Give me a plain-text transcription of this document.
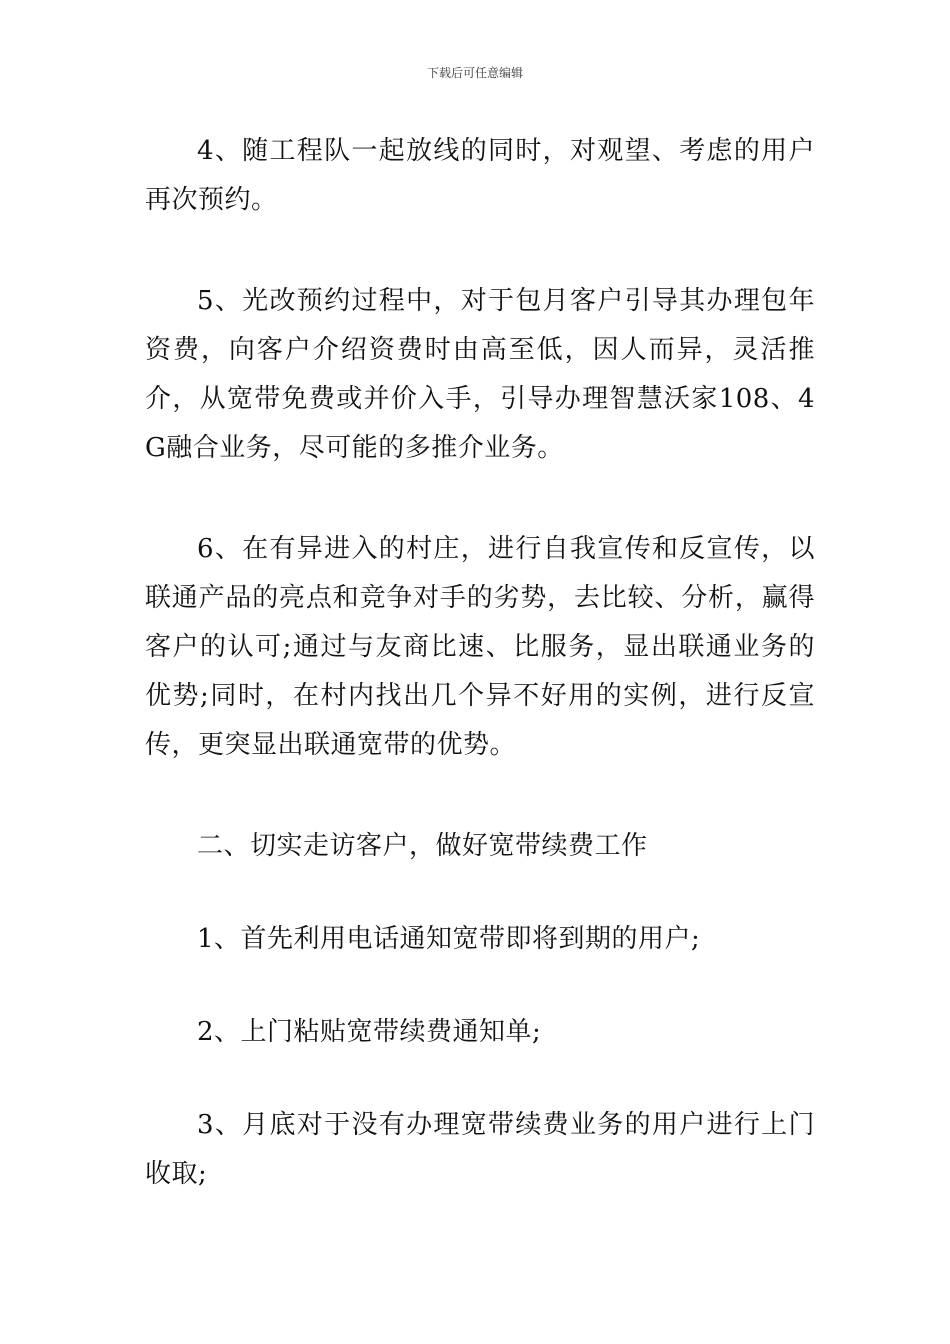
下载后可任意编辑

4、随工程队一起放线的同时，对观望、考虑的用户再次预约。

5、光改预约过程中，对于包月客户引导其办理包年资费，向客户介绍资费时由高至低，因人而异，灵活推介，从宽带免费或并价入手，引导办理智慧沃家108、4G融合业务，尽可能的多推介业务。

6、在有异进入的村庄，进行自我宣传和反宣传，以联通产品的亮点和竞争对手的劣势，去比较、分析，赢得客户的认可;通过与友商比速、比服务，显出联通业务的优势;同时，在村内找出几个异不好用的实例，进行反宣传，更突显出联通宽带的优势。

二、切实走访客户，做好宽带续费工作

1、首先利用电话通知宽带即将到期的用户;

2、上门粘贴宽带续费通知单;

3、月底对于没有办理宽带续费业务的用户进行上门收取;
